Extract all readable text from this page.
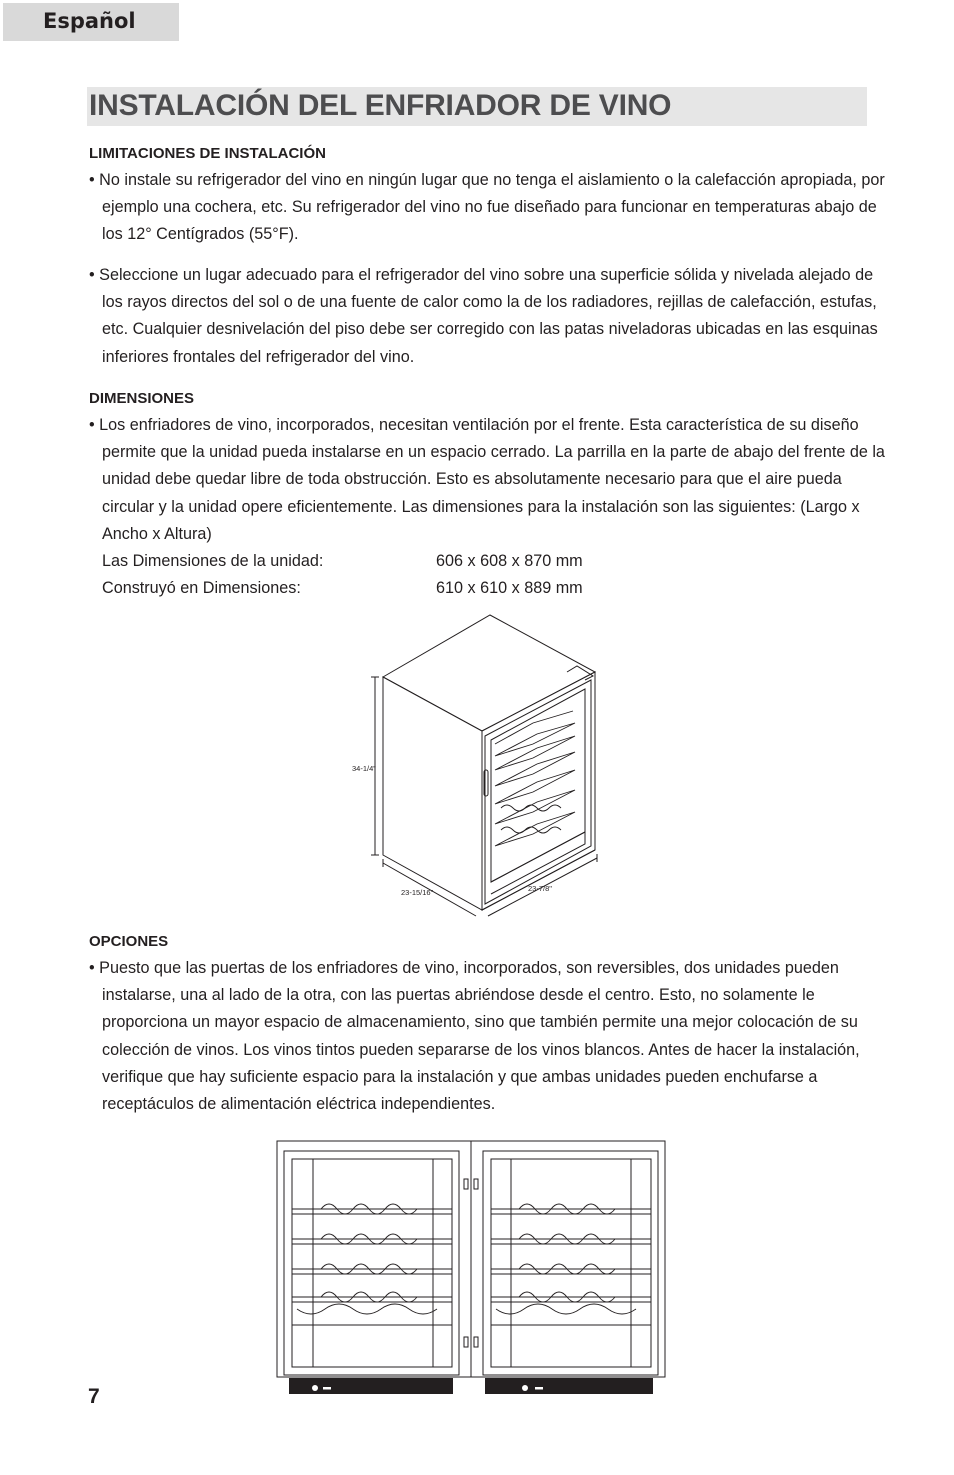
Español
INSTALACIÓN DEL ENFRIADOR DE VINO
LIMITACIONES DE INSTALACIÓN

• No instale su refrigerador del vino en ningún lugar que no tenga el aislamiento o la calefacción apropiada, por ejemplo una cochera, etc. Su refrigerador del vino no fue diseñado para funcionar en temperaturas abajo de los 12° Centígrados (55°F).

• Seleccione un lugar adecuado para el refrigerador del vino sobre una superficie sólida y nivelada alejado de los rayos directos del sol o de una fuente de calor como la de los radiadores, rejillas de calefacción, estufas, etc. Cualquier desnivelación del piso debe ser corregido con las patas niveladoras ubicadas en las esquinas inferiores frontales del refrigerador del vino.

DIMENSIONES

• Los enfriadores de vino, incorporados, necesitan ventilación por el frente. Esta característica de su diseño permite que la unidad pueda instalarse en un espacio cerrado. La parrilla en la parte de abajo del frente de la unidad debe quedar libre de toda obstrucción. Esto es absolutamente necesario para que el aire pueda circular y la unidad opere eficientemente. Las dimensiones para la instalación son las siguientes: (Largo x Ancho x Altura)

Las Dimensiones de la unidad:	606 x 608 x 870 mm
Construyó en Dimensiones:	610 x 610 x 889 mm
34-1/4"
23-15/16"	23-7/8"
OPCIONES

• Puesto que las puertas de los enfriadores de vino, incorporados, son reversibles, dos unidades pueden instalarse, una al lado de la otra, con las puertas abriéndose desde el centro. Esto, no solamente le proporciona un mayor espacio de almacenamiento, sino que también permite una mejor colocación de su colección de vinos. Los vinos tintos pueden separarse de los vinos blancos. Antes de hacer la instalación, verifique que hay suficiente espacio para la instalación y que ambas unidades pueden enchufarse a receptáculos de alimentación eléctrica independientes.

7
